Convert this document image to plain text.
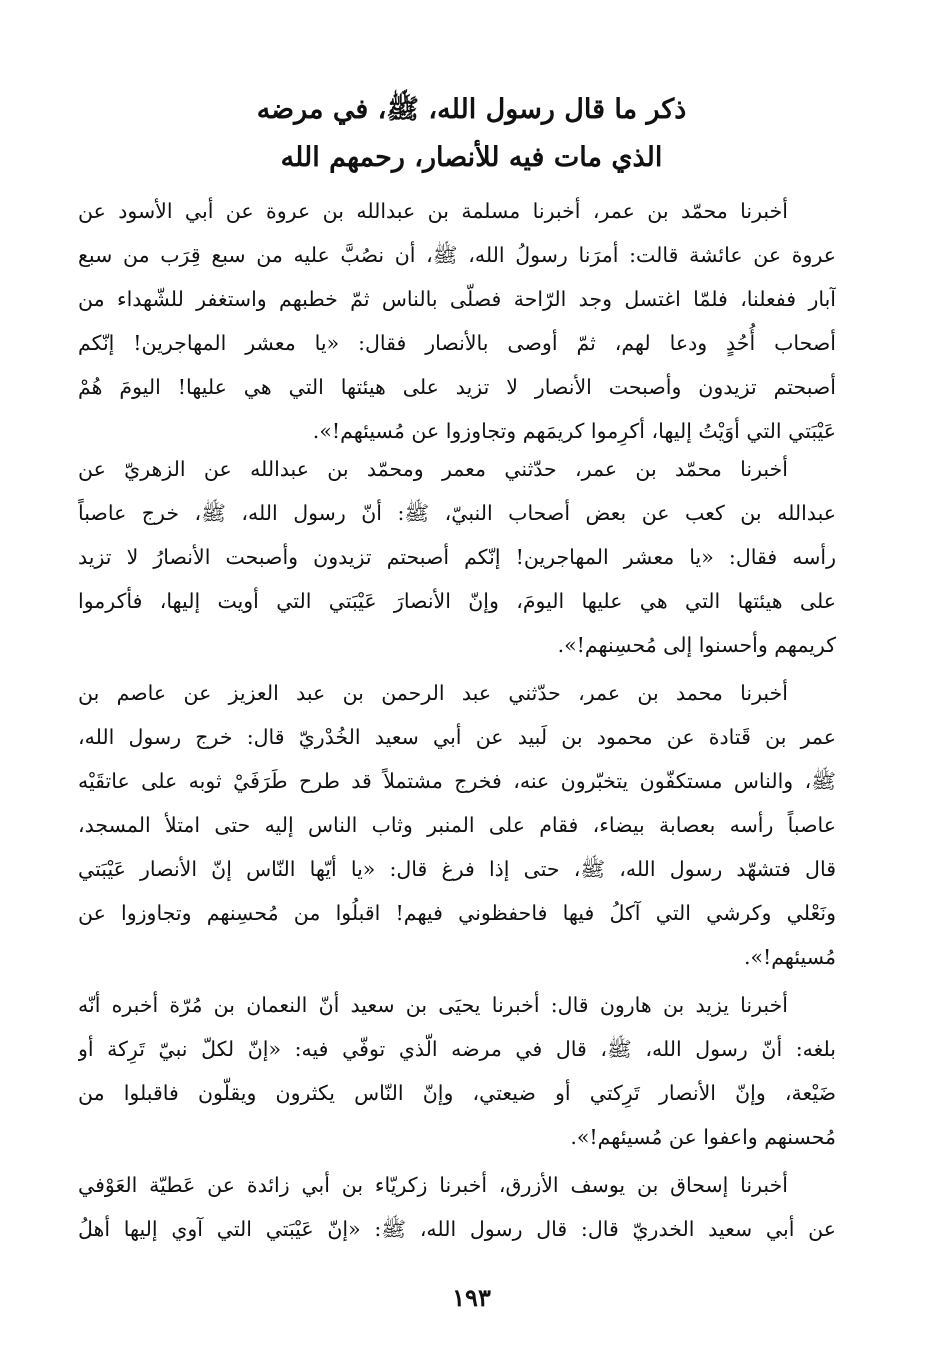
ذكر ما قال رسول الله، ﷺ، في مرضه
الذي مات فيه للأنصار، رحمهم الله
أخبرنا محمّد بن عمر، أخبرنا مسلمة بن عبدالله بن عروة عن أبي الأسود عن
عروة عن عائشة قالت: أمرَنا رسولُ الله، ﷺ، أن نصُبَّ عليه من سبع قِرَب من سبع
آبار ففعلنا، فلمّا اغتسل وجد الرّاحة فصلّى بالناس ثمّ خطبهم واستغفر للشّهداء من
أصحاب أُحُدٍ ودعا لهم، ثمّ أوصى بالأنصار فقال: «يا معشر المهاجرين! إنّكم
أصبحتم تزيدون وأصبحت الأنصار لا تزيد على هيئتها التي هي عليها! اليومَ هُمْ
عَيْبَتي التي أوَيْتُ إليها، أكرِموا كريمَهم وتجاوزوا عن مُسيئهم!».
أخبرنا محمّد بن عمر، حدّثني معمر ومحمّد بن عبدالله عن الزهريّ عن
عبدالله بن كعب عن بعض أصحاب النبيّ، ﷺ: أنّ رسول الله، ﷺ، خرج عاصباً
رأسه فقال: «يا معشر المهاجرين! إنّكم أصبحتم تزيدون وأصبحت الأنصارُ لا تزيد
على هيئتها التي هي عليها اليومَ، وإنّ الأنصارَ عَيْبَتي التي أويت إليها، فأكرموا
كريمهم وأحسنوا إلى مُحسِنهم!».
أخبرنا محمد بن عمر، حدّثني عبد الرحمن بن عبد العزيز عن عاصم بن
عمر بن قَتادة عن محمود بن لَبيد عن أبي سعيد الخُدْريّ قال: خرج رسول الله،
ﷺ، والناس مستكفّون يتخبّرون عنه، فخرج مشتملاً قد طرح طَرَفَيْ ثوبه على عاتقَيْه
عاصباً رأسه بعصابة بيضاء، فقام على المنبر وثاب الناس إليه حتى امتلأ المسجد،
قال فتشهّد رسول الله، ﷺ، حتى إذا فرغ قال: «يا أيّها النّاس إنّ الأنصار عَيْبَتي
ونَعْلي وكرشي التي آكلُ فيها فاحفظوني فيهم! اقبلُوا من مُحسِنهم وتجاوزوا عن
مُسيئهم!».
أخبرنا يزيد بن هارون قال: أخبرنا يحيَى بن سعيد أنّ النعمان بن مُرّة أخبره أنّه
بلغه: أنّ رسول الله، ﷺ، قال في مرضه الّذي توفّي فيه: «إنّ لكلّ نبيّ تَرِكة أو
ضَيْعة، وإنّ الأنصار تَرِكتي أو ضيعتي، وإنّ النّاس يكثرون ويقلّون فاقبلوا من
مُحسنهم واعفوا عن مُسيئهم!».
أخبرنا إسحاق بن يوسف الأزرق، أخبرنا زكريّاء بن أبي زائدة عن عَطيّة العَوْفي
عن أبي سعيد الخدريّ قال: قال رسول الله، ﷺ: «إنّ عَيْبَتي التي آوي إليها أهلُ
١٩٣
